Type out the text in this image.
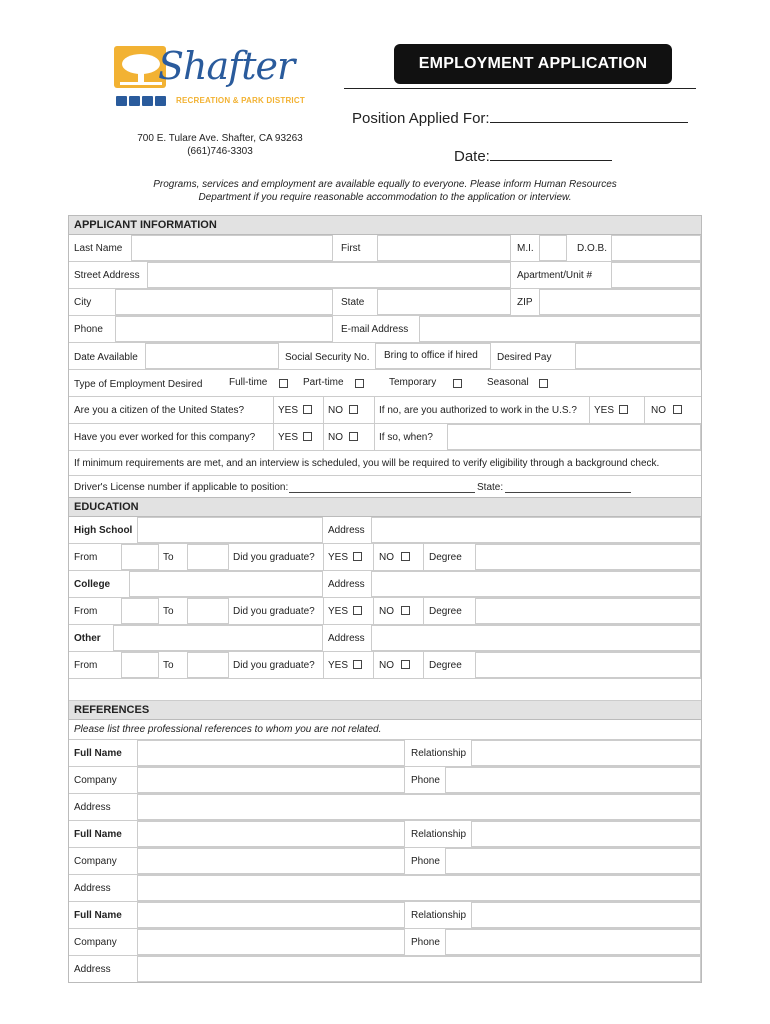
Shafter
RECREATION & PARK DISTRICT
EMPLOYMENT APPLICATION
700 E. Tulare Ave. Shafter, CA 93263
(661)746-3303
Position Applied For:
Date:
Programs, services and employment are available equally to everyone. Please inform Human Resources Department if you require reasonable accommodation to the application or interview.
APPLICANT INFORMATION
Last Name	First	M.I.	D.O.B.
Street Address	Apartment/Unit #
City	State	ZIP
Phone	E-mail Address
Date Available	Social Security No. Bring to office if hired Desired Pay
Type of Employment Desired	Full-time	Part-time	Temporary	Seasonal
Are you a citizen of the United States?	YES	NO	If no, are you authorized to work in the U.S.? YES	NO
Have you ever worked for this company? YES	NO	If so, when?
If minimum requirements are met, and an interview is scheduled, you will be required to verify eligibility through a background check.
Driver's License number if applicable to position:	State:
EDUCATION
High School	Address
From	To	Did you graduate? YES	NO	Degree
College	Address
From	To	Did you graduate? YES	NO	Degree
Other	Address
From	To	Did you graduate? YES	NO	Degree
REFERENCES
Please list three professional references to whom you are not related.
Full Name	Relationship
Company	Phone
Address
Full Name	Relationship
Company	Phone
Address
Full Name	Relationship
Company	Phone
Address
